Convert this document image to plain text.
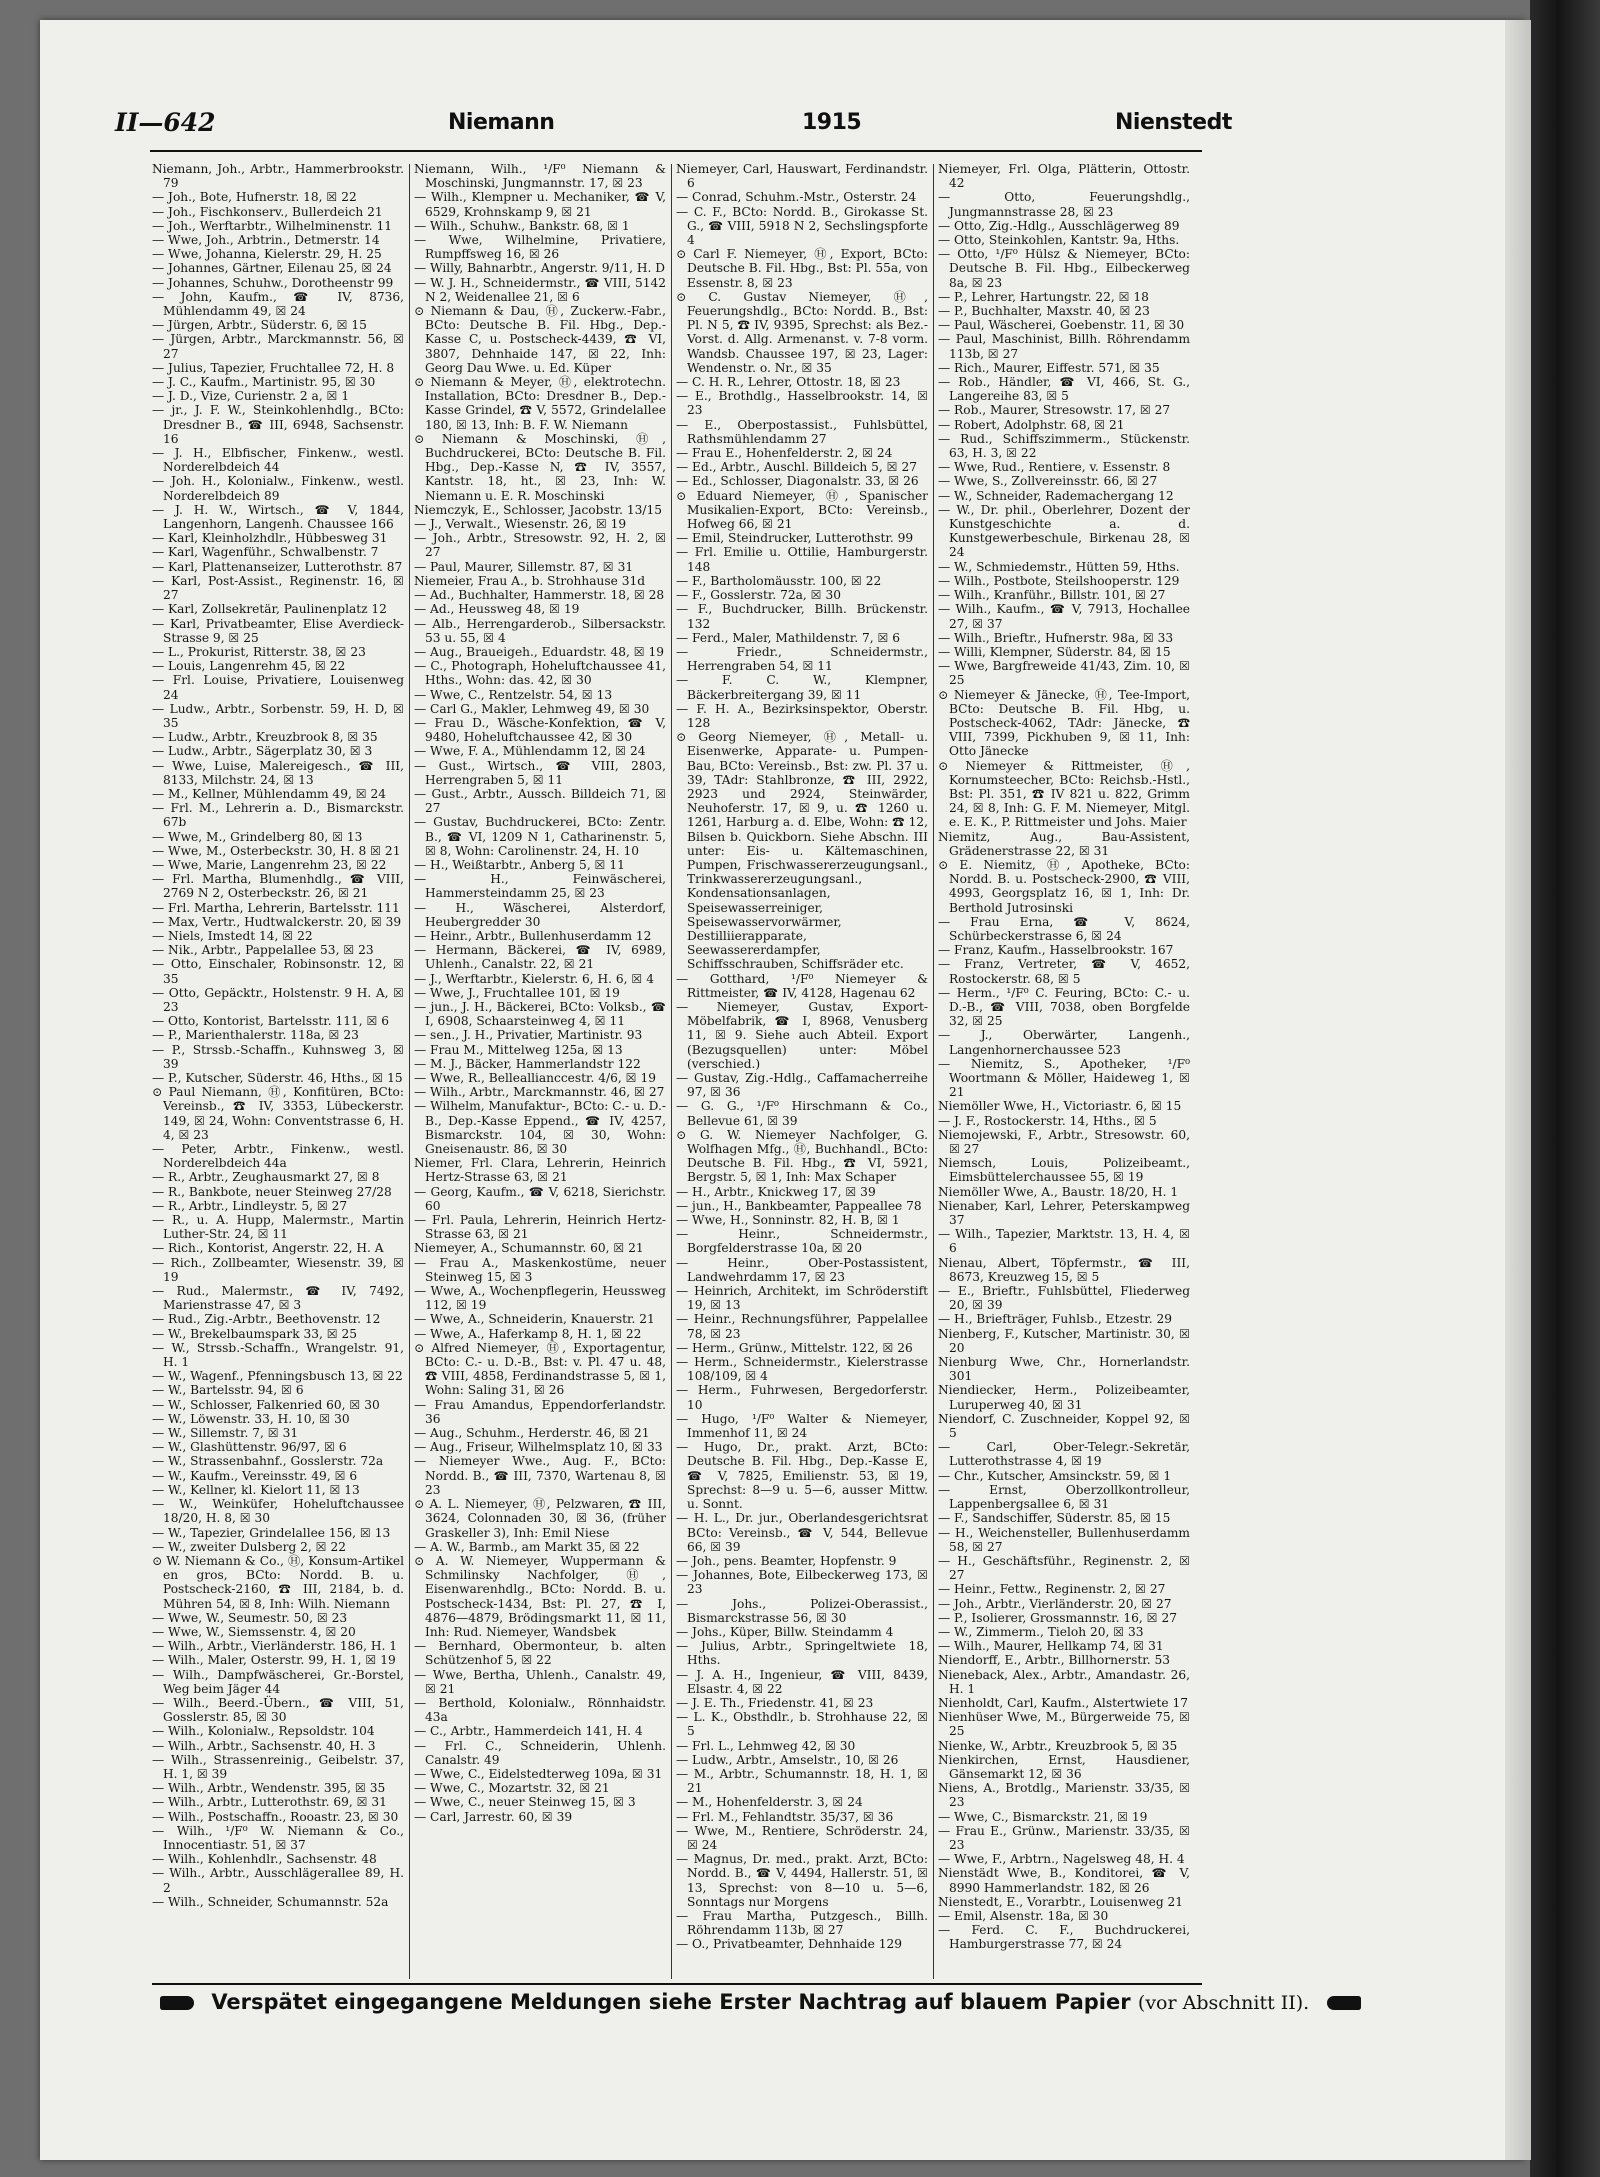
II—642	Niemann	1915	Nienstedt

Niemann, Joh., Arbtr., Hammerbrookstr. 79

— Joh., Bote, Hufnerstr. 18, ☒ 22

— Joh., Fischkonserv., Bullerdeich 21

— Joh., Werftarbtr., Wilhelminenstr. 11

— Wwe, Joh., Arbtrin., Detmerstr. 14

— Wwe, Johanna, Kielerstr. 29, H. 25

— Johannes, Gärtner, Eilenau 25, ☒ 24

— Johannes, Schuhw., Dorotheenstr 99

— John, Kaufm., ☎ IV, 8736, Mühlendamm 49, ☒ 24

— Jürgen, Arbtr., Süderstr. 6, ☒ 15

— Jürgen, Arbtr., Marckmannstr. 56, ☒ 27

— Julius, Tapezier, Fruchtallee 72, H. 8

— J. C., Kaufm., Martinistr. 95, ☒ 30

— J. D., Vize, Curienstr. 2 a, ☒ 1

— jr., J. F. W., Steinkohlenhdlg., BCto: Dresdner B., ☎ III, 6948, Sachsenstr. 16

— J. H., Elbfischer, Finkenw., westl. Norderelbdeich 44

— Joh. H., Kolonialw., Finkenw., westl. Norderelbdeich 89

— J. H. W., Wirtsch., ☎ V, 1844, Langenhorn, Langenh. Chaussee 166

— Karl, Kleinholzhdlr., Hübbesweg 31

— Karl, Wagenführ., Schwalbenstr. 7

— Karl, Plattenanseizer, Lutterothstr. 87

— Karl, Post-Assist., Reginenstr. 16, ☒ 27

— Karl, Zollsekretär, Paulinenplatz 12

— Karl, Privatbeamter, Elise Averdieck-Strasse 9, ☒ 25

— L., Prokurist, Ritterstr. 38, ☒ 23

— Louis, Langenrehm 45, ☒ 22

— Frl. Louise, Privatiere, Louisenweg 24

— Ludw., Arbtr., Sorbenstr. 59, H. D, ☒ 35

— Ludw., Arbtr., Kreuzbrook 8, ☒ 35

— Ludw., Arbtr., Sägerplatz 30, ☒ 3

— Wwe, Luise, Malereigesch., ☎ III, 8133, Milchstr. 24, ☒ 13

— M., Kellner, Mühlendamm 49, ☒ 24

— Frl. M., Lehrerin a. D., Bismarckstr. 67b

— Wwe, M., Grindelberg 80, ☒ 13

— Wwe, M., Osterbeckstr. 30, H. 8 ☒ 21

— Wwe, Marie, Langenrehm 23, ☒ 22

— Frl. Martha, Blumenhdlg., ☎ VIII, 2769 N 2, Osterbeckstr. 26, ☒ 21

— Frl. Martha, Lehrerin, Bartelsstr. 111

— Max, Vertr., Hudtwalckerstr. 20, ☒ 39

— Niels, Imstedt 14, ☒ 22

— Nik., Arbtr., Pappelallee 53, ☒ 23

— Otto, Einschaler, Robinsonstr. 12, ☒ 35

— Otto, Gepäcktr., Holstenstr. 9 H. A, ☒ 23

— Otto, Kontorist, Bartelsstr. 111, ☒ 6

— P., Marienthalerstr. 118a, ☒ 23

— P., Strssb.-Schaffn., Kuhnsweg 3, ☒ 39

— P., Kutscher, Süderstr. 46, Hths., ☒ 15

⊙ Paul Niemann, Ⓗ, Konfitüren, BCto: Vereinsb., ☎ IV, 3353, Lübeckerstr. 149, ☒ 24, Wohn: Conventstrasse 6, H. 4, ☒ 23

— Peter, Arbtr., Finkenw., westl. Norderelbdeich 44a

— R., Arbtr., Zeughausmarkt 27, ☒ 8

— R., Bankbote, neuer Steinweg 27/28

— R., Arbtr., Lindleystr. 5, ☒ 27

— R., u. A. Hupp, Malermstr., Martin Luther-Str. 24, ☒ 11

— Rich., Kontorist, Angerstr. 22, H. A

— Rich., Zollbeamter, Wiesenstr. 39, ☒ 19

— Rud., Malermstr., ☎ IV, 7492, Marienstrasse 47, ☒ 3

— Rud., Zig.-Arbtr., Beethovenstr. 12

— W., Brekelbaumspark 33, ☒ 25

— W., Strssb.-Schaffn., Wrangelstr. 91, H. 1

— W., Wagenf., Pfenningsbusch 13, ☒ 22

— W., Bartelsstr. 94, ☒ 6

— W., Schlosser, Falkenried 60, ☒ 30

— W., Löwenstr. 33, H. 10, ☒ 30

— W., Sillemstr. 7, ☒ 31

— W., Glashüttenstr. 96/97, ☒ 6

— W., Strassenbahnf., Gosslerstr. 72a

— W., Kaufm., Vereinsstr. 49, ☒ 6

— W., Kellner, kl. Kielort 11, ☒ 13

— W., Weinküfer, Hoheluftchaussee 18/20, H. 8, ☒ 30

— W., Tapezier, Grindelallee 156, ☒ 13

— W., zweiter Dulsberg 2, ☒ 22

⊙ W. Niemann & Co., Ⓗ, Konsum-Artikel en gros, BCto: Nordd. B. u. Postscheck-2160, ☎ III, 2184, b. d. Mühren 54, ☒ 8, Inh: Wilh. Niemann

— Wwe, W., Seumestr. 50, ☒ 23

— Wwe, W., Siemssenstr. 4, ☒ 20

— Wilh., Arbtr., Vierländerstr. 186, H. 1

— Wilh., Maler, Osterstr. 99, H. 1, ☒ 19

— Wilh., Dampfwäscherei, Gr.-Borstel, Weg beim Jäger 44

— Wilh., Beerd.-Übern., ☎ VIII, 51, Gosslerstr. 85, ☒ 30

— Wilh., Kolonialw., Repsoldstr. 104

— Wilh., Arbtr., Sachsenstr. 40, H. 3

— Wilh., Strassenreinig., Geibelstr. 37, H. 1, ☒ 39

— Wilh., Arbtr., Wendenstr. 395, ☒ 35

— Wilh., Arbtr., Lutterothstr. 69, ☒ 31

— Wilh., Postschaffn., Rooastr. 23, ☒ 30

— Wilh., ¹/F⁰ W. Niemann & Co., Innocentiastr. 51, ☒ 37

— Wilh., Kohlenhdlr., Sachsenstr. 48

— Wilh., Arbtr., Ausschlägerallee 89, H. 2

— Wilh., Schneider, Schumannstr. 52a

Niemann, Wilh., ¹/F⁰ Niemann & Moschinski, Jungmannstr. 17, ☒ 23

— Wilh., Klempner u. Mechaniker, ☎ V, 6529, Krohnskamp 9, ☒ 21

— Wilh., Schuhw., Bankstr. 68, ☒ 1

— Wwe, Wilhelmine, Privatiere, Rumpffsweg 16, ☒ 26

— Willy, Bahnarbtr., Angerstr. 9/11, H. D

— W. J. H., Schneidermstr., ☎ VIII, 5142 N 2, Weidenallee 21, ☒ 6

⊙ Niemann & Dau, Ⓗ, Zuckerw.-Fabr., BCto: Deutsche B. Fil. Hbg., Dep.-Kasse C, u. Postscheck-4439, ☎ VI, 3807, Dehnhaide 147, ☒ 22, Inh: Georg Dau Wwe. u. Ed. Küper

⊙ Niemann & Meyer, Ⓗ, elektrotechn. Installation, BCto: Dresdner B., Dep.-Kasse Grindel, ☎ V, 5572, Grindelallee 180, ☒ 13, Inh: B. F. W. Niemann

⊙ Niemann & Moschinski, Ⓗ, Buchdruckerei, BCto: Deutsche B. Fil. Hbg., Dep.-Kasse N, ☎ IV, 3557, Kantstr. 18, ht., ☒ 23, Inh: W. Niemann u. E. R. Moschinski

Niemczyk, E., Schlosser, Jacobstr. 13/15

— J., Verwalt., Wiesenstr. 26, ☒ 19

— Joh., Arbtr., Stresowstr. 92, H. 2, ☒ 27

— Paul, Maurer, Sillemstr. 87, ☒ 31

Niemeier, Frau A., b. Strohhause 31d

— Ad., Buchhalter, Hammerstr. 18, ☒ 28

— Ad., Heussweg 48, ☒ 19

— Alb., Herrengarderob., Silbersackstr. 53 u. 55, ☒ 4

— Aug., Braueigeh., Eduardstr. 48, ☒ 19

— C., Photograph, Hoheluftchaussee 41, Hths., Wohn: das. 42, ☒ 30

— Wwe, C., Rentzelstr. 54, ☒ 13

— Carl G., Makler, Lehmweg 49, ☒ 30

— Frau D., Wäsche-Konfektion, ☎ V, 9480, Hoheluftchaussee 42, ☒ 30

— Wwe, F. A., Mühlendamm 12, ☒ 24

— Gust., Wirtsch., ☎ VIII, 2803, Herrengraben 5, ☒ 11

— Gust., Arbtr., Aussch. Billdeich 71, ☒ 27

— Gustav, Buchdruckerei, BCto: Zentr. B., ☎ VI, 1209 N 1, Catharinenstr. 5, ☒ 8, Wohn: Carolinenstr. 24, H. 10

— H., Weißtarbtr., Anberg 5, ☒ 11

— H., Feinwäscherei, Hammersteindamm 25, ☒ 23

— H., Wäscherei, Alsterdorf, Heubergredder 30

— Heinr., Arbtr., Bullenhuserdamm 12

— Hermann, Bäckerei, ☎ IV, 6989, Uhlenh., Canalstr. 22, ☒ 21

— J., Werftarbtr., Kielerstr. 6, H. 6, ☒ 4

— Wwe, J., Fruchtallee 101, ☒ 19

— jun., J. H., Bäckerei, BCto: Volksb., ☎ I, 6908, Schaarsteinweg 4, ☒ 11

— sen., J. H., Privatier, Martinistr. 93

— Frau M., Mittelweg 125a, ☒ 13

— M. J., Bäcker, Hammerlandstr 122

— Wwe, R., Belleallianccestr. 4/6, ☒ 19

— Wilh., Arbtr., Marckmannstr. 46, ☒ 27

— Wilhelm, Manufaktur-, BCto: C.- u. D.-B., Dep.-Kasse Eppend., ☎ IV, 4257, Bismarckstr. 104, ☒ 30, Wohn: Gneisenaustr. 86, ☒ 30

Niemer, Frl. Clara, Lehrerin, Heinrich Hertz-Strasse 63, ☒ 21

— Georg, Kaufm., ☎ V, 6218, Sierichstr. 60

— Frl. Paula, Lehrerin, Heinrich Hertz-Strasse 63, ☒ 21

Niemeyer, A., Schumannstr. 60, ☒ 21

— Frau A., Maskenkostüme, neuer Steinweg 15, ☒ 3

— Wwe, A., Wochenpflegerin, Heussweg 112, ☒ 19

— Wwe, A., Schneiderin, Knauerstr. 21

— Wwe, A., Haferkamp 8, H. 1, ☒ 22

⊙ Alfred Niemeyer, Ⓗ, Exportagentur, BCto: C.- u. D.-B., Bst: v. Pl. 47 u. 48, ☎ VIII, 4858, Ferdinandstrasse 5, ☒ 1, Wohn: Saling 31, ☒ 26

— Frau Amandus, Eppendorferlandstr. 36

— Aug., Schuhm., Herderstr. 46, ☒ 21

— Aug., Friseur, Wilhelmsplatz 10, ☒ 33

— Niemeyer Wwe., Aug. F., BCto: Nordd. B., ☎ III, 7370, Wartenau 8, ☒ 23

⊙ A. L. Niemeyer, Ⓗ, Pelzwaren, ☎ III, 3624, Colonnaden 30, ☒ 36, (früher Graskeller 3), Inh: Emil Niese

— A. W., Barmb., am Markt 35, ☒ 22

⊙ A. W. Niemeyer, Wuppermann & Schmilinsky Nachfolger, Ⓗ, Eisenwarenhdlg., BCto: Nordd. B. u. Postscheck-1434, Bst: Pl. 27, ☎ I, 4876—4879, Brödingsmarkt 11, ☒ 11, Inh: Rud. Niemeyer, Wandsbek

— Bernhard, Obermonteur, b. alten Schützenhof 5, ☒ 22

— Wwe, Bertha, Uhlenh., Canalstr. 49, ☒ 21

— Berthold, Kolonialw., Rönnhaidstr. 43a

— C., Arbtr., Hammerdeich 141, H. 4

— Frl. C., Schneiderin, Uhlenh. Canalstr. 49

— Wwe, C., Eidelstedterweg 109a, ☒ 31

— Wwe, C., Mozartstr. 32, ☒ 21

— Wwe, C., neuer Steinweg 15, ☒ 3

— Carl, Jarrestr. 60, ☒ 39

Niemeyer, Carl, Hauswart, Ferdinandstr. 6

— Conrad, Schuhm.-Mstr., Osterstr. 24

— C. F., BCto: Nordd. B., Girokasse St. G., ☎ VIII, 5918 N 2, Sechslingspforte 4

⊙ Carl F. Niemeyer, Ⓗ, Export, BCto: Deutsche B. Fil. Hbg., Bst: Pl. 55a, von Essenstr. 8, ☒ 23

⊙ C. Gustav Niemeyer, Ⓗ, Feuerungshdlg., BCto: Nordd. B., Bst: Pl. N 5, ☎ IV, 9395, Sprechst: als Bez.-Vorst. d. Allg. Armenanst. v. 7-8 vorm. Wandsb. Chaussee 197, ☒ 23, Lager: Wendenstr. o. Nr., ☒ 35

— C. H. R., Lehrer, Ottostr. 18, ☒ 23

— E., Brothdlg., Hasselbrookstr. 14, ☒ 23

— E., Oberpostassist., Fuhlsbüttel, Rathsmühlendamm 27

— Frau E., Hohenfelderstr. 2, ☒ 24

— Ed., Arbtr., Auschl. Billdeich 5, ☒ 27

— Ed., Schlosser, Diagonalstr. 33, ☒ 26

⊙ Eduard Niemeyer, Ⓗ, Spanischer Musikalien-Export, BCto: Vereinsb., Hofweg 66, ☒ 21

— Emil, Steindrucker, Lutterothstr. 99

— Frl. Emilie u. Ottilie, Hamburgerstr. 148

— F., Bartholomäusstr. 100, ☒ 22

— F., Gosslerstr. 72a, ☒ 30

— F., Buchdrucker, Billh. Brückenstr. 132

— Ferd., Maler, Mathildenstr. 7, ☒ 6

— Friedr., Schneidermstr., Herrengraben 54, ☒ 11

— F. C. W., Klempner, Bäckerbreitergang 39, ☒ 11

— F. H. A., Bezirksinspektor, Oberstr. 128

⊙ Georg Niemeyer, Ⓗ, Metall- u. Eisenwerke, Apparate- u. Pumpen-Bau, BCto: Vereinsb., Bst: zw. Pl. 37 u. 39, TAdr: Stahlbronze, ☎ III, 2922, 2923 und 2924, Steinwärder, Neuhoferstr. 17, ☒ 9, u. ☎ 1260 u. 1261, Harburg a. d. Elbe, Wohn: ☎ 12, Bilsen b. Quickborn. Siehe Abschn. III unter: Eis- u. Kältemaschinen, Pumpen, Frischwassererzeugungsanl., Trinkwassererzeugungsanl., Kondensationsanlagen, Speisewasserreiniger, Speisewasservorwärmer, Destilliierapparate, Seewassererdampfer, Schiffsschrauben, Schiffsräder etc.

— Gotthard, ¹/F⁰ Niemeyer & Rittmeister, ☎ IV, 4128, Hagenau 62

— Niemeyer, Gustav, Export-Möbelfabrik, ☎ I, 8968, Venusberg 11, ☒ 9. Siehe auch Abteil. Export (Bezugsquellen) unter: Möbel (verschied.)

— Gustav, Zig.-Hdlg., Caffamacherreihe 97, ☒ 36

— G. G., ¹/F⁰ Hirschmann & Co., Bellevue 61, ☒ 39

⊙ G. W. Niemeyer Nachfolger, G. Wolfhagen Mfg., Ⓗ, Buchhandl., BCto: Deutsche B. Fil. Hbg., ☎ VI, 5921, Bergstr. 5, ☒ 1, Inh: Max Schaper

— H., Arbtr., Knickweg 17, ☒ 39

— jun., H., Bankbeamter, Pappeallee 78

— Wwe, H., Sonninstr. 82, H. B, ☒ 1

— Heinr., Schneidermstr., Borgfelderstrasse 10a, ☒ 20

— Heinr., Ober-Postassistent, Landwehrdamm 17, ☒ 23

— Heinrich, Architekt, im Schröderstift 19, ☒ 13

— Heinr., Rechnungsführer, Pappelallee 78, ☒ 23

— Herm., Grünw., Mittelstr. 122, ☒ 26

— Herm., Schneidermstr., Kielerstrasse 108/109, ☒ 4

— Herm., Fuhrwesen, Bergedorferstr. 10

— Hugo, ¹/F⁰ Walter & Niemeyer, Immenhof 11, ☒ 24

— Hugo, Dr., prakt. Arzt, BCto: Deutsche B. Fil. Hbg., Dep.-Kasse E, ☎ V, 7825, Emilienstr. 53, ☒ 19, Sprechst: 8—9 u. 5—6, ausser Mittw. u. Sonnt.

— H. L., Dr. jur., Oberlandesgerichtsrat BCto: Vereinsb., ☎ V, 544, Bellevue 66, ☒ 39

— Joh., pens. Beamter, Hopfenstr. 9

— Johannes, Bote, Eilbeckerweg 173, ☒ 23

— Johs., Polizei-Oberassist., Bismarckstrasse 56, ☒ 30

— Johs., Küper, Billw. Steindamm 4

— Julius, Arbtr., Springeltwiete 18, Hths.

— J. A. H., Ingenieur, ☎ VIII, 8439, Elsastr. 4, ☒ 22

— J. E. Th., Friedenstr. 41, ☒ 23

— L. K., Obsthdlr., b. Strohhause 22, ☒ 5

— Frl. L., Lehmweg 42, ☒ 30

— Ludw., Arbtr., Amselstr., 10, ☒ 26

— M., Arbtr., Schumannstr. 18, H. 1, ☒ 21

— M., Hohenfelderstr. 3, ☒ 24

— Frl. M., Fehlandtstr. 35/37, ☒ 36

— Wwe, M., Rentiere, Schröderstr. 24, ☒ 24

— Magnus, Dr. med., prakt. Arzt, BCto: Nordd. B., ☎ V, 4494, Hallerstr. 51, ☒ 13, Sprechst: von 8—10 u. 5—6, Sonntags nur Morgens

— Frau Martha, Putzgesch., Billh. Röhrendamm 113b, ☒ 27

— O., Privatbeamter, Dehnhaide 129

Niemeyer, Frl. Olga, Plätterin, Ottostr. 42

— Otto, Feuerungshdlg., Jungmannstrasse 28, ☒ 23

— Otto, Zig.-Hdlg., Ausschlägerweg 89

— Otto, Steinkohlen, Kantstr. 9a, Hths.

— Otto, ¹/F⁰ Hülsz & Niemeyer, BCto: Deutsche B. Fil. Hbg., Eilbeckerweg 8a, ☒ 23

— P., Lehrer, Hartungstr. 22, ☒ 18

— P., Buchhalter, Maxstr. 40, ☒ 23

— Paul, Wäscherei, Goebenstr. 11, ☒ 30

— Paul, Maschinist, Billh. Röhrendamm 113b, ☒ 27

— Rich., Maurer, Eiffestr. 571, ☒ 35

— Rob., Händler, ☎ VI, 466, St. G., Langereihe 83, ☒ 5

— Rob., Maurer, Stresowstr. 17, ☒ 27

— Robert, Adolphstr. 68, ☒ 21

— Rud., Schiffszimmerm., Stückenstr. 63, H. 3, ☒ 22

— Wwe, Rud., Rentiere, v. Essenstr. 8

— Wwe, S., Zollvereinsstr. 66, ☒ 27

— W., Schneider, Rademachergang 12

— W., Dr. phil., Oberlehrer, Dozent der Kunstgeschichte a. d. Kunstgewerbeschule, Birkenau 28, ☒ 24

— W., Schmiedemstr., Hütten 59, Hths.

— Wilh., Postbote, Steilshooperstr. 129

— Wilh., Kranführ., Billstr. 101, ☒ 27

— Wilh., Kaufm., ☎ V, 7913, Hochallee 27, ☒ 37

— Wilh., Brieftr., Hufnerstr. 98a, ☒ 33

— Willi, Klempner, Süderstr. 84, ☒ 15

— Wwe, Bargfreweide 41/43, Zim. 10, ☒ 25

⊙ Niemeyer & Jänecke, Ⓗ, Tee-Import, BCto: Deutsche B. Fil. Hbg, u. Postscheck-4062, TAdr: Jänecke, ☎ VIII, 7399, Pickhuben 9, ☒ 11, Inh: Otto Jänecke

⊙ Niemeyer & Rittmeister, Ⓗ, Kornumsteecher, BCto: Reichsb.-Hstl., Bst: Pl. 351, ☎ IV 821 u. 822, Grimm 24, ☒ 8, Inh: G. F. M. Niemeyer, Mitgl. e. E. K., P. Rittmeister und Johs. Maier

Niemitz, Aug., Bau-Assistent, Grädenerstrasse 22, ☒ 31

⊙ E. Niemitz, Ⓗ, Apotheke, BCto: Nordd. B. u. Postscheck-2900, ☎ VIII, 4993, Georgsplatz 16, ☒ 1, Inh: Dr. Berthold Jutrosinski

— Frau Erna, ☎ V, 8624, Schürbeckerstrasse 6, ☒ 24

— Franz, Kaufm., Hasselbrookstr. 167

— Franz, Vertreter, ☎ V, 4652, Rostockerstr. 68, ☒ 5

— Herm., ¹/F⁰ C. Feuring, BCto: C.- u. D.-B., ☎ VIII, 7038, oben Borgfelde 32, ☒ 25

— J., Oberwärter, Langenh., Langenhornerchaussee 523

— Niemitz, S., Apotheker, ¹/F⁰ Woortmann & Möller, Haideweg 1, ☒ 21

Niemöller Wwe, H., Victoriastr. 6, ☒ 15

— J. F., Rostockerstr. 14, Hths., ☒ 5

Niemojewski, F., Arbtr., Stresowstr. 60, ☒ 27

Niemsch, Louis, Polizeibeamt., Eimsbüttelerchaussee 55, ☒ 19

Niemöller Wwe, A., Baustr. 18/20, H. 1

Nienaber, Karl, Lehrer, Peterskampweg 37

— Wilh., Tapezier, Marktstr. 13, H. 4, ☒ 6

Nienau, Albert, Töpfermstr., ☎ III, 8673, Kreuzweg 15, ☒ 5

— E., Brieftr., Fuhlsbüttel, Fliederweg 20, ☒ 39

— H., Briefträger, Fuhlsb., Etzestr. 29

Nienberg, F., Kutscher, Martinistr. 30, ☒ 20

Nienburg Wwe, Chr., Hornerlandstr. 301

Niendiecker, Herm., Polizeibeamter, Luruperweg 40, ☒ 31

Niendorf, C. Zuschneider, Koppel 92, ☒ 5

— Carl, Ober-Telegr.-Sekretär, Lutterothstrasse 4, ☒ 19

— Chr., Kutscher, Amsinckstr. 59, ☒ 1

— Ernst, Oberzollkontrolleur, Lappenbergsallee 6, ☒ 31

— F., Sandschiffer, Süderstr. 85, ☒ 15

— H., Weichensteller, Bullenhuserdamm 58, ☒ 27

— H., Geschäftsführ., Reginenstr. 2, ☒ 27

— Heinr., Fettw., Reginenstr. 2, ☒ 27

— Joh., Arbtr., Vierländerstr. 20, ☒ 27

— P., Isolierer, Grossmannstr. 16, ☒ 27

— W., Zimmerm., Tieloh 20, ☒ 33

— Wilh., Maurer, Hellkamp 74, ☒ 31

Niendorff, E., Arbtr., Billhornerstr. 53

Nieneback, Alex., Arbtr., Amandastr. 26, H. 1

Nienholdt, Carl, Kaufm., Alstertwiete 17

Nienhüser Wwe, M., Bürgerweide 75, ☒ 25

Nienke, W., Arbtr., Kreuzbrook 5, ☒ 35

Nienkirchen, Ernst, Hausdiener, Gänsemarkt 12, ☒ 36

Niens, A., Brotdlg., Marienstr. 33/35, ☒ 23

— Wwe, C., Bismarckstr. 21, ☒ 19

— Frau E., Grünw., Marienstr. 33/35, ☒ 23

— Wwe, F., Arbtrn., Nagelsweg 48, H. 4

Nienstädt Wwe, B., Konditorei, ☎ V, 8990 Hammerlandstr. 182, ☒ 26

Nienstedt, E., Vorarbtr., Louisenweg 21

— Emil, Alsenstr. 18a, ☒ 30

— Ferd. C. F., Buchdruckerei, Hamburgerstrasse 77, ☒ 24

Verspätet eingegangene Meldungen siehe Erster Nachtrag auf blauem Papier (vor Abschnitt II).
